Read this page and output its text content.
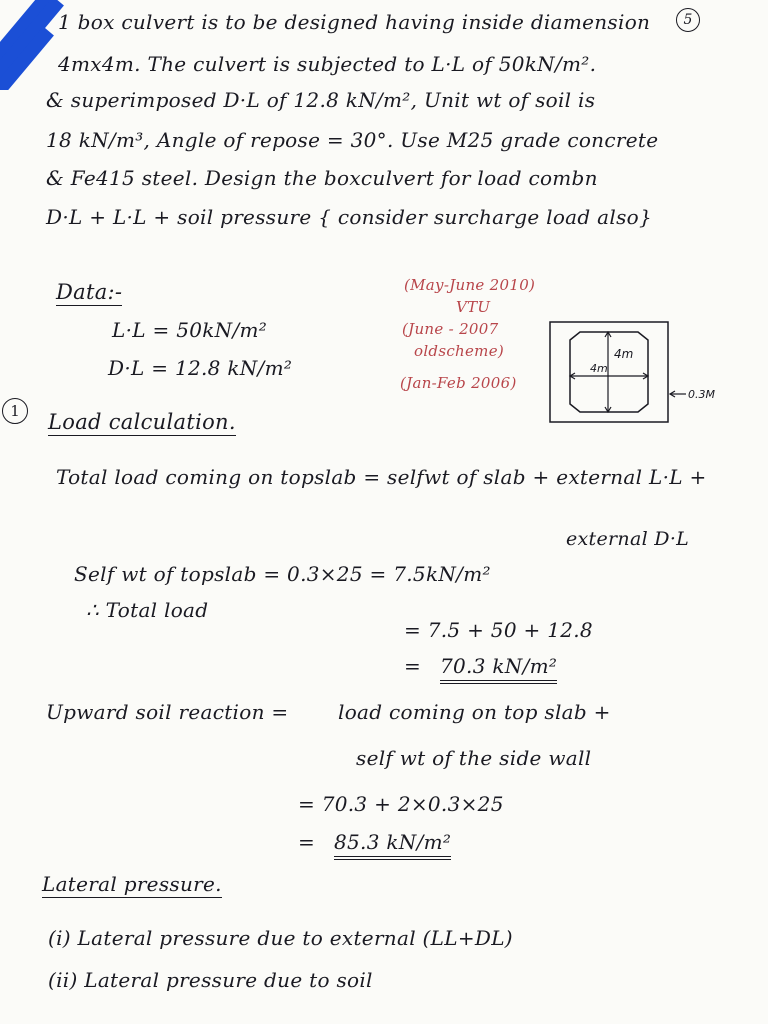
5
1 box culvert is to be designed having inside diamension
4mx4m. The culvert is subjected to L·L of 50kN/m².
& superimposed D·L of 12.8 kN/m², Unit wt of soil is
18 kN/m³, Angle of repose = 30°. Use M25 grade concrete
& Fe415 steel. Design the boxculvert for load combn
D·L + L·L + soil pressure { consider surcharge load also}
Data:-
L·L = 50kN/m²
D·L = 12.8 kN/m²
(May-June 2010)
VTU
(June - 2007
oldscheme)
(Jan-Feb 2006)
4m
4m
0.3M
1	Load calculation.
Total load coming on topslab = selfwt of slab + external L·L +
external D·L
Self wt of topslab = 0.3×25 = 7.5kN/m²
∴ Total load
= 7.5 + 50 + 12.8
= 70.3 kN/m²
Upward soil reaction = load coming on top slab +
self wt of the side wall
= 70.3 + 2×0.3×25
= 85.3 kN/m²
Lateral pressure.
(i) Lateral pressure due to external (LL+DL)
(ii) Lateral pressure due to soil
